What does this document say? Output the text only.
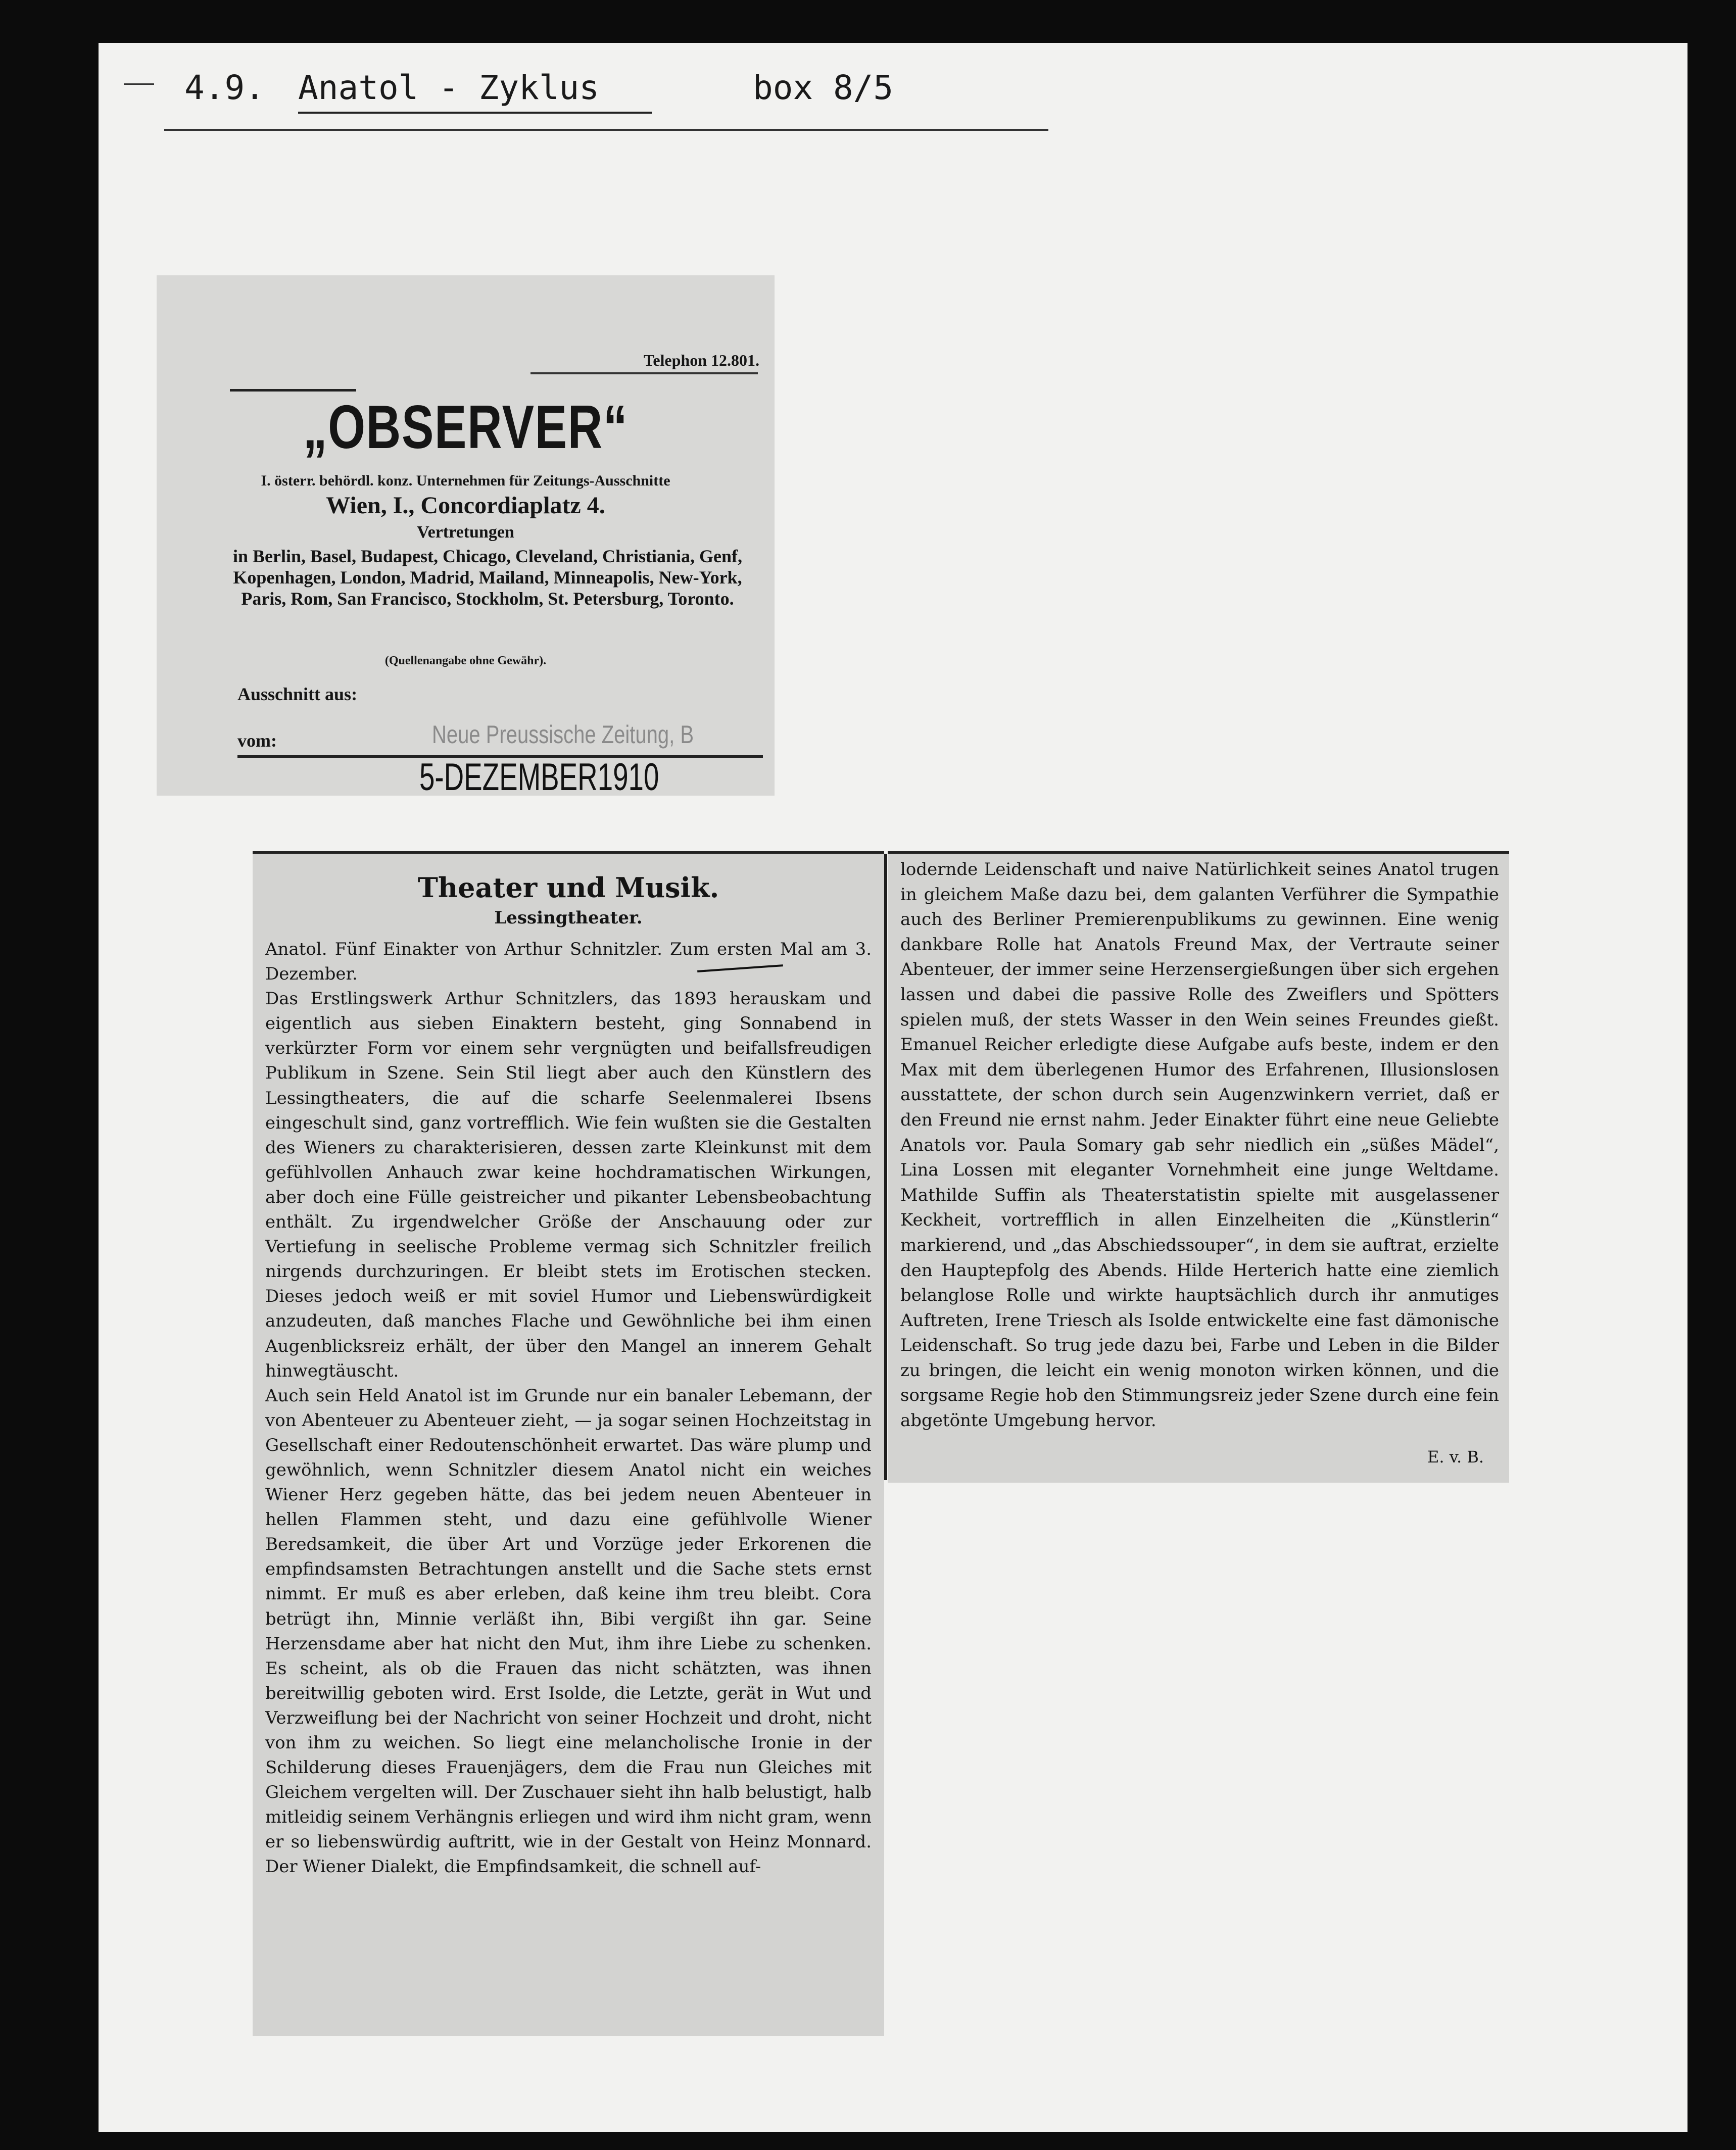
4.9. Anatol - Zyklus	box 8/5
Telephon 12.801.
„OBSERVER“
I. österr. behördl. konz. Unternehmen für Zeitungs-Ausschnitte
Wien, I., Concordiaplatz 4.
Vertretungen
in Berlin, Basel, Budapest, Chicago, Cleveland, Christiania, Genf, Kopenhagen, London, Madrid, Mailand, Minneapolis, New-York, Paris, Rom, San Francisco, Stockholm, St. Petersburg, Toronto.
(Quellenangabe ohne Gewähr).
Ausschnitt aus:
vom:	Neue Preussische Zeitung, B
5-DEZEMBER1910
Theater und Musik.
Lessingtheater.
Anatol. Fünf Einakter von Arthur Schnitzler. Zum ersten Mal am 3. Dezember.
Das Erstlingswerk Arthur Schnitzlers, das 1893 herauskam und eigentlich aus sieben Einaktern besteht, ging Sonnabend in verkürzter Form vor einem sehr vergnügten und beifallsfreudigen Publikum in Szene. Sein Stil liegt aber auch den Künstlern des Lessingtheaters, die auf die scharfe Seelenmalerei Ibsens eingeschult sind, ganz vortrefflich. Wie fein wußten sie die Gestalten des Wieners zu charakterisieren, dessen zarte Kleinkunst mit dem gefühlvollen Anhauch zwar keine hochdramatischen Wirkungen, aber doch eine Fülle geistreicher und pikanter Lebensbeobachtung enthält. Zu irgendwelcher Größe der Anschauung oder zur Vertiefung in seelische Probleme vermag sich Schnitzler freilich nirgends durchzuringen. Er bleibt stets im Erotischen stecken. Dieses jedoch weiß er mit soviel Humor und Liebenswürdigkeit anzudeuten, daß manches Flache und Gewöhnliche bei ihm einen Augenblicksreiz erhält, der über den Mangel an innerem Gehalt hinwegtäuscht.
Auch sein Held Anatol ist im Grunde nur ein banaler Lebemann, der von Abenteuer zu Abenteuer zieht, — ja sogar seinen Hochzeitstag in Gesellschaft einer Redoutenschönheit erwartet. Das wäre plump und gewöhnlich, wenn Schnitzler diesem Anatol nicht ein weiches Wiener Herz gegeben hätte, das bei jedem neuen Abenteuer in hellen Flammen steht, und dazu eine gefühlvolle Wiener Beredsamkeit, die über Art und Vorzüge jeder Erkorenen die empfindsamsten Betrachtungen anstellt und die Sache stets ernst nimmt. Er muß es aber erleben, daß keine ihm treu bleibt. Cora betrügt ihn, Minnie verläßt ihn, Bibi vergißt ihn gar. Seine Herzensdame aber hat nicht den Mut, ihm ihre Liebe zu schenken. Es scheint, als ob die Frauen das nicht schätzten, was ihnen bereitwillig geboten wird. Erst Isolde, die Letzte, gerät in Wut und Verzweiflung bei der Nachricht von seiner Hochzeit und droht, nicht von ihm zu weichen. So liegt eine melancholische Ironie in der Schilderung dieses Frauenjägers, dem die Frau nun Gleiches mit Gleichem vergelten will. Der Zuschauer sieht ihn halb belustigt, halb mitleidig seinem Verhängnis erliegen und wird ihm nicht gram, wenn er so liebenswürdig auftritt, wie in der Gestalt von Heinz Monnard. Der Wiener Dialekt, die Empfindsamkeit, die schnell auf-
lodernde Leidenschaft und naive Natürlichkeit seines Anatol trugen in gleichem Maße dazu bei, dem galanten Verführer die Sympathie auch des Berliner Premierenpublikums zu gewinnen. Eine wenig dankbare Rolle hat Anatols Freund Max, der Vertraute seiner Abenteuer, der immer seine Herzensergießungen über sich ergehen lassen und dabei die passive Rolle des Zweiflers und Spötters spielen muß, der stets Wasser in den Wein seines Freundes gießt. Emanuel Reicher erledigte diese Aufgabe aufs beste, indem er den Max mit dem überlegenen Humor des Erfahrenen, Illusionslosen ausstattete, der schon durch sein Augenzwinkern verriet, daß er den Freund nie ernst nahm. Jeder Einakter führt eine neue Geliebte Anatols vor. Paula Somary gab sehr niedlich ein „süßes Mädel“, Lina Lossen mit eleganter Vornehmheit eine junge Weltdame. Mathilde Suffin als Theaterstatistin spielte mit ausgelassener Keckheit, vortrefflich in allen Einzelheiten die „Künstlerin“ markierend, und „das Abschiedssouper“, in dem sie auftrat, erzielte den Hauptерfolg des Abends. Hilde Herterich hatte eine ziemlich belanglose Rolle und wirkte hauptsächlich durch ihr anmutiges Auftreten, Irene Triesch als Isolde entwickelte eine fast dämonische Leidenschaft. So trug jede dazu bei, Farbe und Leben in die Bilder zu bringen, die leicht ein wenig monoton wirken können, und die sorgsame Regie hob den Stimmungsreiz jeder Szene durch eine fein abgetönte Umgebung hervor.
E. v. B.
